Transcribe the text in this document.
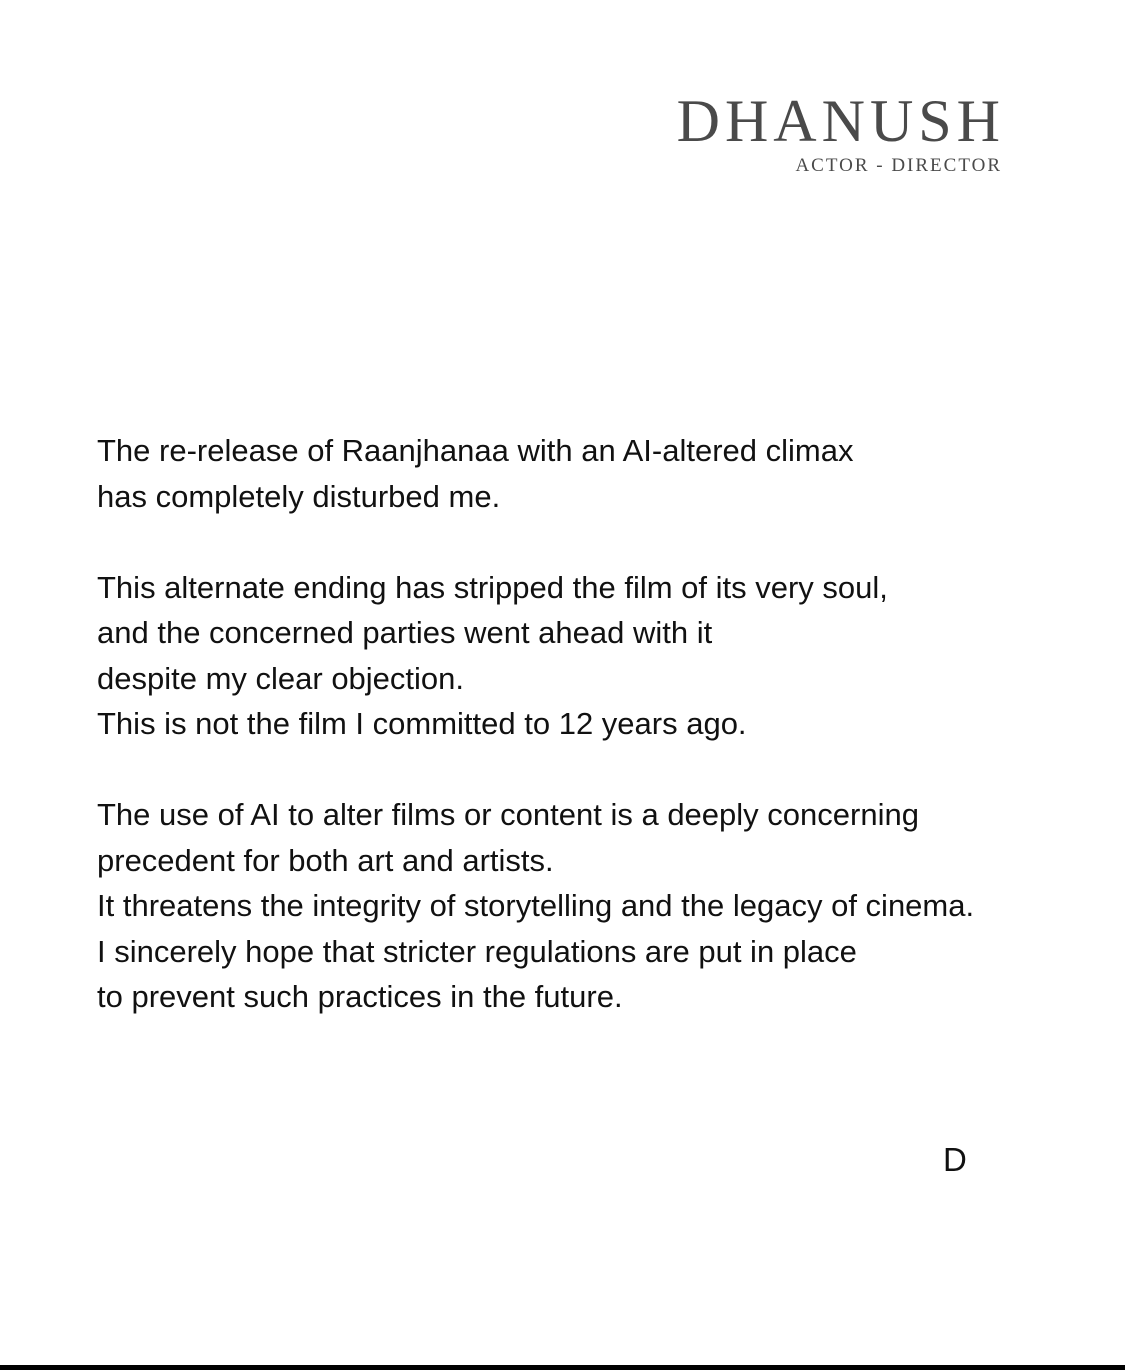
DHANUSH
ACTOR - DIRECTOR

The re-release of Raanjhanaa with an AI-altered climax
has completely disturbed me.

This alternate ending has stripped the film of its very soul,
and the concerned parties went ahead with it
despite my clear objection.
This is not the film I committed to 12 years ago.

The use of AI to alter films or content is a deeply concerning
precedent for both art and artists.
It threatens the integrity of storytelling and the legacy of cinema.
I sincerely hope that stricter regulations are put in place
to prevent such practices in the future.

D
